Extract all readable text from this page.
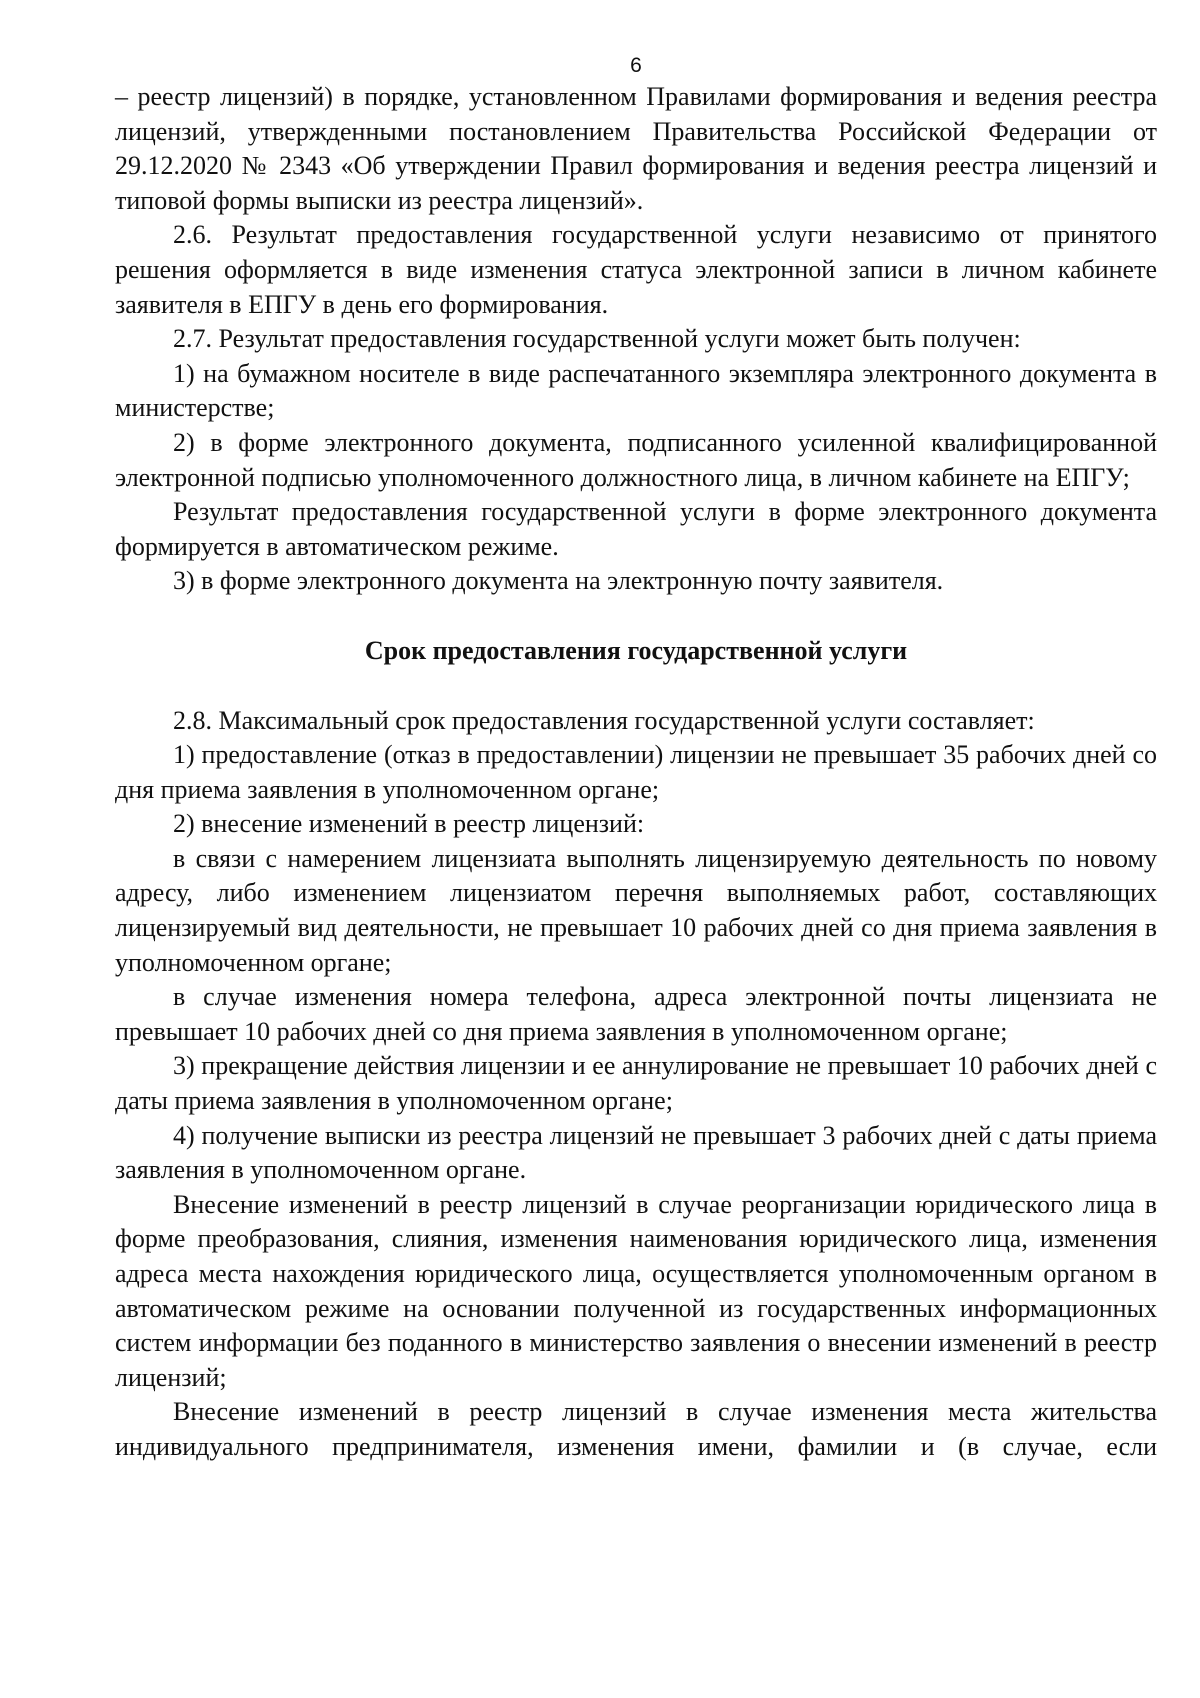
6

– реестр лицензий) в порядке, установленном Правилами формирования и ведения реестра лицензий, утвержденными постановлением Правительства Российской Федерации от 29.12.2020 № 2343 «Об утверждении Правил формирования и ведения реестра лицензий и типовой формы выписки из реестра лицензий».

2.6. Результат предоставления государственной услуги независимо от принятого решения оформляется в виде изменения статуса электронной записи в личном кабинете заявителя в ЕПГУ в день его формирования.

2.7. Результат предоставления государственной услуги может быть получен:

1) на бумажном носителе в виде распечатанного экземпляра электронного документа в министерстве;

2) в форме электронного документа, подписанного усиленной квалифицированной электронной подписью уполномоченного должностного лица, в личном кабинете на ЕПГУ;

Результат предоставления государственной услуги в форме электронного документа формируется в автоматическом режиме.

3) в форме электронного документа на электронную почту заявителя.

Срок предоставления государственной услуги

2.8. Максимальный срок предоставления государственной услуги составляет:

1) предоставление (отказ в предоставлении) лицензии не превышает 35 рабочих дней со дня приема заявления в уполномоченном органе;

2) внесение изменений в реестр лицензий:

в связи с намерением лицензиата выполнять лицензируемую деятельность по новому адресу, либо изменением лицензиатом перечня выполняемых работ, составляющих лицензируемый вид деятельности, не превышает 10 рабочих дней со дня приема заявления в уполномоченном органе;

в случае изменения номера телефона, адреса электронной почты лицензиата не превышает 10 рабочих дней со дня приема заявления в уполномоченном органе;

3) прекращение действия лицензии и ее аннулирование не превышает 10 рабочих дней с даты приема заявления в уполномоченном органе;

4) получение выписки из реестра лицензий не превышает 3 рабочих дней с даты приема заявления в уполномоченном органе.

Внесение изменений в реестр лицензий в случае реорганизации юридического лица в форме преобразования, слияния, изменения наименования юридического лица, изменения адреса места нахождения юридического лица, осуществляется уполномоченным органом в автоматическом режиме на основании полученной из государственных информационных систем информации без поданного в министерство заявления о внесении изменений в реестр лицензий;

Внесение изменений в реестр лицензий в случае изменения места жительства индивидуального предпринимателя, изменения имени, фамилии и (в случае, если
